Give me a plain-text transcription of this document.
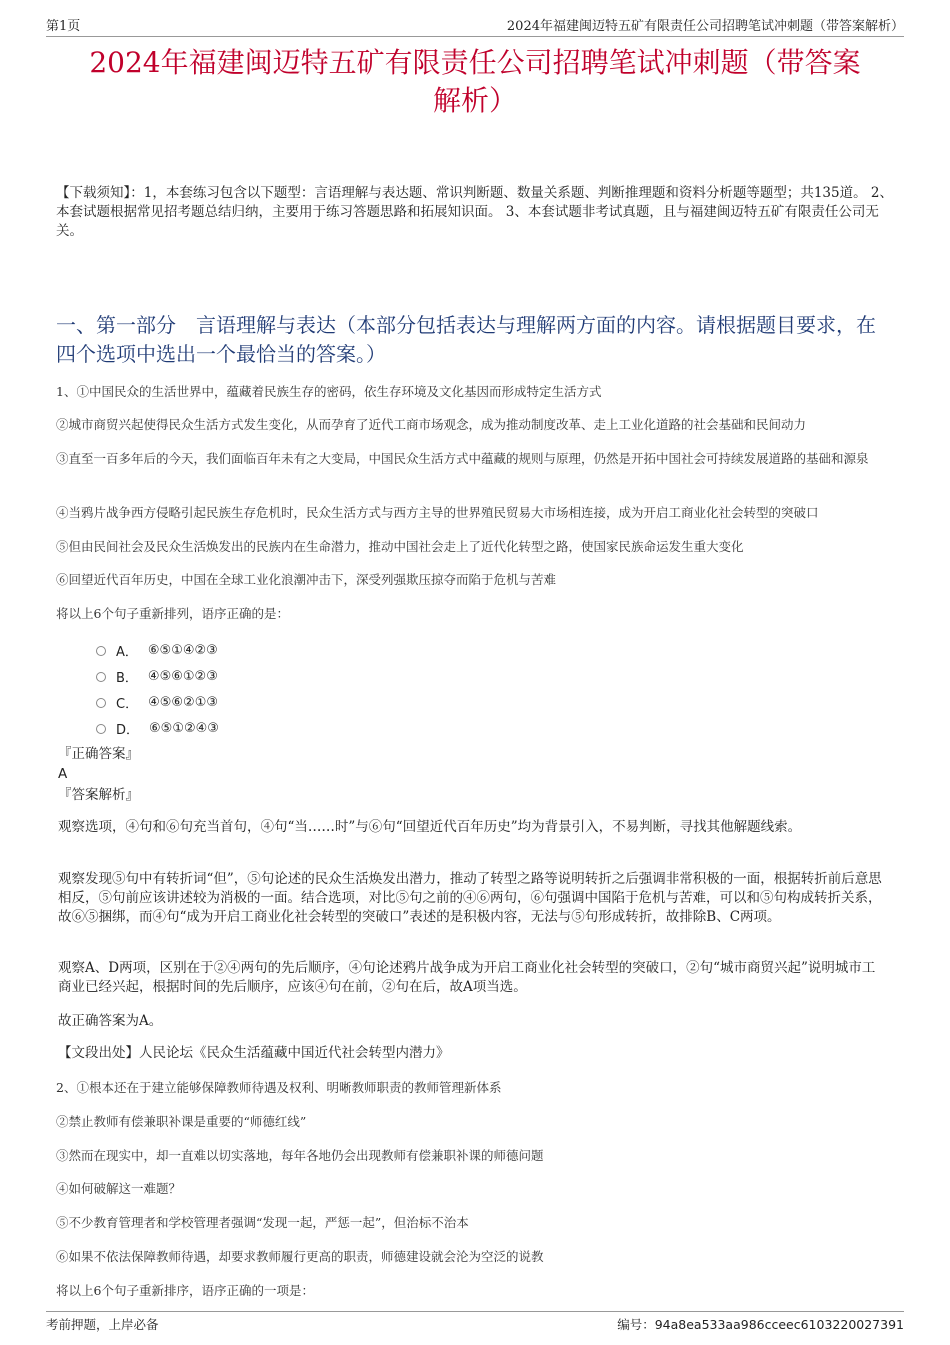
第1页	2024年福建闽迈特五矿有限责任公司招聘笔试冲刺题（带答案解析）
2024年福建闽迈特五矿有限责任公司招聘笔试冲刺题（带答案
解析）
【下载须知】：1，本套练习包含以下题型：言语理解与表达题、常识判断题、数量关系题、判断推理题和资料分析题等题型；共135道。 2、本套试题根据常见招考题总结归纳，主要用于练习答题思路和拓展知识面。 3、本套试题非考试真题，且与福建闽迈特五矿有限责任公司无关。
一、第一部分　言语理解与表达（本部分包括表达与理解两方面的内容。请根据题目要求，在四个选项中选出一个最恰当的答案。）
1、①中国民众的生活世界中，蕴藏着民族生存的密码，依生存环境及文化基因而形成特定生活方式
②城市商贸兴起使得民众生活方式发生变化，从而孕育了近代工商市场观念，成为推动制度改革、走上工业化道路的社会基础和民间动力
③直至一百多年后的今天，我们面临百年未有之大变局，中国民众生活方式中蕴藏的规则与原理，仍然是开拓中国社会可持续发展道路的基础和源泉
④当鸦片战争西方侵略引起民族生存危机时，民众生活方式与西方主导的世界殖民贸易大市场相连接，成为开启工商业化社会转型的突破口
⑤但由民间社会及民众生活焕发出的民族内在生命潜力，推动中国社会走上了近代化转型之路，使国家民族命运发生重大变化
⑥回望近代百年历史，中国在全球工业化浪潮冲击下，深受列强欺压掠夺而陷于危机与苦难
将以上6个句子重新排列，语序正确的是：
A． ⑥⑤①④②③
B． ④⑤⑥①②③
C． ④⑤⑥②①③
D． ⑥⑤①②④③
『正确答案』
A
『答案解析』
观察选项，④句和⑥句充当首句，④句“当……时”与⑥句“回望近代百年历史”均为背景引入，不易判断，寻找其他解题线索。
观察发现⑤句中有转折词“但”，⑤句论述的民众生活焕发出潜力，推动了转型之路等说明转折之后强调非常积极的一面，根据转折前后意思相反，⑤句前应该讲述较为消极的一面。结合选项，对比⑤句之前的④⑥两句，⑥句强调中国陷于危机与苦难，可以和⑤句构成转折关系，故⑥⑤捆绑，而④句“成为开启工商业化社会转型的突破口”表述的是积极内容，无法与⑤句形成转折，故排除B、C两项。
观察A、D两项，区别在于②④两句的先后顺序，④句论述鸦片战争成为开启工商业化社会转型的突破口，②句“城市商贸兴起”说明城市工商业已经兴起，根据时间的先后顺序，应该④句在前，②句在后，故A项当选。
故正确答案为A。
【文段出处】人民论坛《民众生活蕴藏中国近代社会转型内潜力》
2、①根本还在于建立能够保障教师待遇及权利、明晰教师职责的教师管理新体系
②禁止教师有偿兼职补课是重要的“师德红线”
③然而在现实中，却一直难以切实落地，每年各地仍会出现教师有偿兼职补课的师德问题
④如何破解这一难题？
⑤不少教育管理者和学校管理者强调“发现一起，严惩一起”，但治标不治本
⑥如果不依法保障教师待遇，却要求教师履行更高的职责，师德建设就会沦为空泛的说教
将以上6个句子重新排序，语序正确的一项是：
考前押题，上岸必备	编号：94a8ea533aa986cceec6103220027391
